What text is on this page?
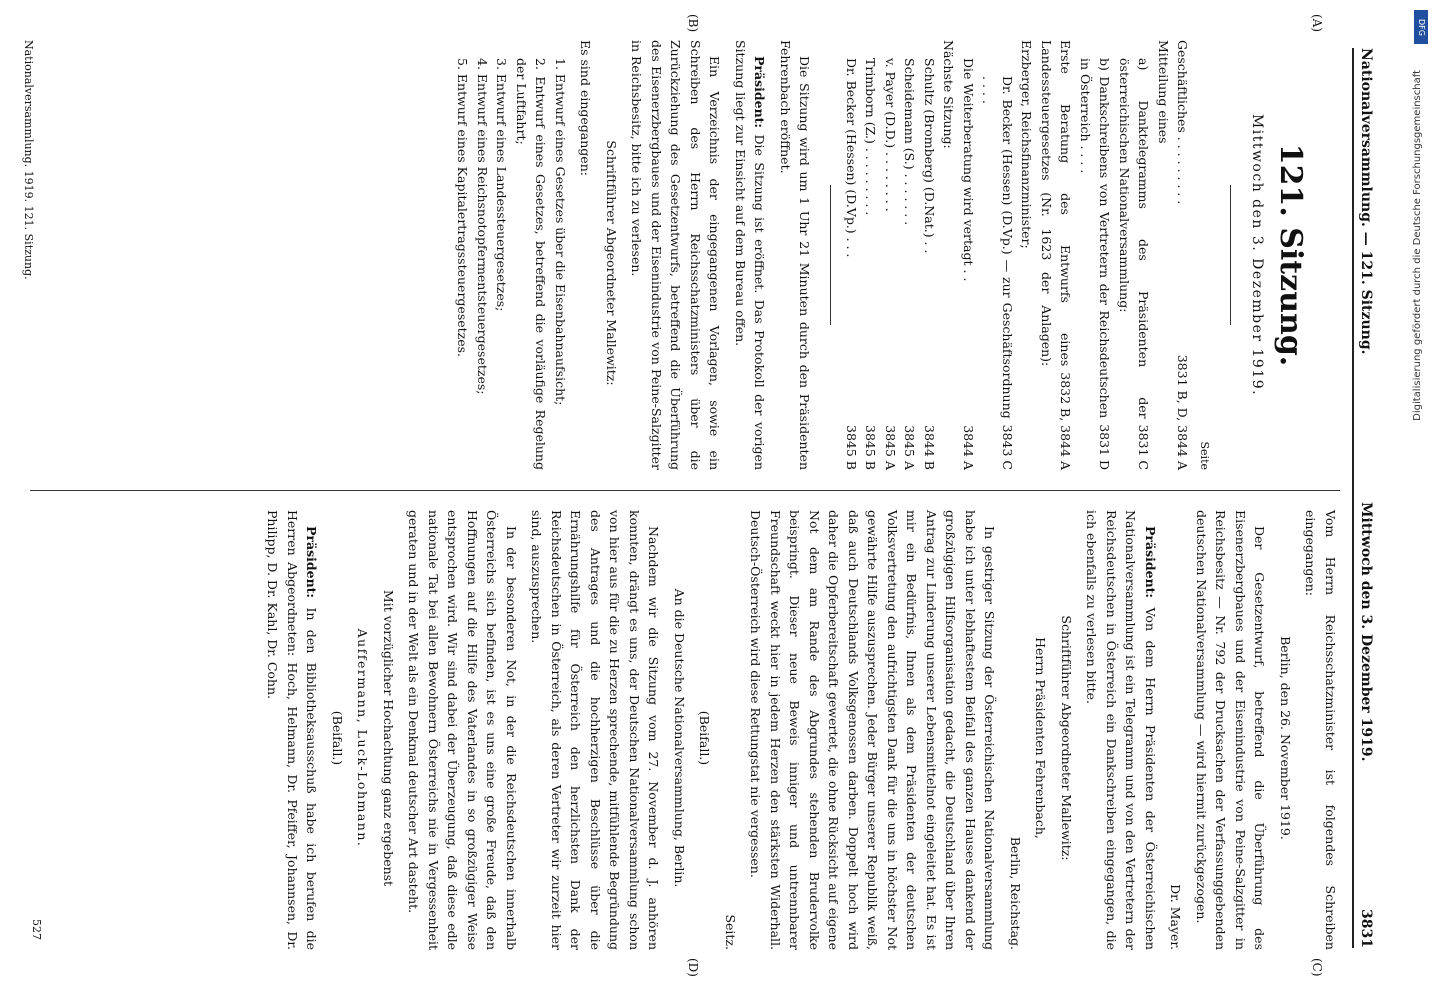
Nationalversammlung. — 121. Sitzung.
Mittwoch den 3. Dezember 1919.
3831
(A)
(B)
(C)
(D)
121. Sitzung.
Mittwoch den 3. Dezember 1919.
Seite
Geschäftliches . . . . . . . . .
3831 B, D, 3844 A
Mitteilung eines
a) Danktelegramms des Präsidenten der österreichischen Nationalversammlung:
3831 C
b) Dankschreibens von Vertretern der Reichsdeutschen in Österreich . . . .
3831 D
Erste Beratung des Entwurfs eines Landessteuergesetzes (Nr. 1623 der Anlagen): Erzberger, Reichsfinanzminister;
3832 B, 3844 A
Dr. Becker (Hessen) (D.Vp.) — zur Geschäftsordnung . . . .
3843 C
Die Weiterberatung wird vertagt . .
3844 A
Nächste Sitzung:
Schultz (Bromberg) (D.Nat.) . .
3844 B
Scheidemann (S.) . . . . . . .
3845 A
v. Payer (D.D.) . . . . . . . .
3845 A
Trimborn (Z.) . . . . . . . . .
3845 B
Dr. Becker (Hessen) (D.Vp.) . . .
3845 B

Die Sitzung wird um 1 Uhr 21 Minuten durch den Präsidenten Fehrenbach eröffnet.

Präsident: Die Sitzung ist eröffnet. Das Protokoll der vorigen Sitzung liegt zur Einsicht auf dem Bureau offen.

Ein Verzeichnis der eingegangenen Vorlagen, sowie ein Schreiben des Herrn Reichsschatzministers über die Zurückziehung des Gesetzentwurfs, betreffend die Überführung des Eisenerzbergbaues und der Eisenindustrie von Peine-Salzgitter in Reichsbesitz, bitte ich zu verlesen.

Schriftführer Abgeordneter Mallewitz:

Es sind eingegangen:

1. Entwurf eines Gesetzes über die Eisenbahnaufsicht;
2. Entwurf eines Gesetzes, betreffend die vorläufige Regelung der Luftfahrt;
3. Entwurf eines Landessteuergesetzes;
4. Entwurf eines Reichsnotopfermentsteuergesetzes;
5. Entwurf eines Kapitalertragssteuergesetzes.

Vom Herrn Reichsschatzminister ist folgendes Schreiben eingegangen:

Berlin, den 26. November 1919.

Der Gesetzentwurf, betreffend die Überführung des Eisenerzbergbaues und der Eisenindustrie von Peine-Salzgitter in Reichsbesitz — Nr. 792 der Drucksachen der Verfassunggebenden deutschen Nationalversammlung — wird hiermit zurückgezogen.

Dr. Mayer.

Präsident: Von dem Herrn Präsidenten der Österreichischen Nationalversammlung ist ein Telegramm und von den Vertretern der Reichsdeutschen in Österreich ein Dankschreiben eingegangen, die ich ebenfalls zu verlesen bitte.

Schriftführer Abgeordneter Mallewitz:

Herrn Präsidenten Fehrenbach,

Berlin, Reichstag.

In gestriger Sitzung der Österreichischen Nationalversammlung habe ich unter lebhaftestem Beifall des ganzen Hauses dankend der großzügigen Hilfsorganisation gedacht, die Deutschland über Ihren Antrag zur Linderung unserer Lebensmittelnot eingeleitet hat. Es ist mir ein Bedürfnis, Ihnen als dem Präsidenten der deutschen Volksvertretung den aufrichtigsten Dank für die uns in höchster Not gewährte Hilfe auszusprechen. Jeder Bürger unserer Republik weiß, daß auch Deutschlands Volksgenossen darben. Doppelt hoch wird daher die Opferbereitschaft gewertet, die ohne Rücksicht auf eigene Not dem am Rande des Abgrundes stehenden Brudervolke beispringt. Dieser neue Beweis inniger und untrennbarer Freundschaft weckt hier in jedem Herzen den stärksten Widerhall. Deutsch-Österreich wird diese Rettungstat nie vergessen.

Seitz.

(Beifall.)

An die Deutsche Nationalversammlung, Berlin.

Nachdem wir die Sitzung vom 27. November d. J. anhören konnten, drängt es uns, der Deutschen Nationalversammlung schon von hier aus für die zu Herzen sprechende, mitfühlende Begründung des Antrages und die hochherzigen Beschlüsse über die Ernährungshilfe für Österreich den herzlichsten Dank der Reichsdeutschen in Österreich, als deren Vertreter wir zurzeit hier sind, auszusprechen.

In der besonderen Not, in der die Reichsdeutschen innerhalb Österreichs sich befinden, ist es uns eine große Freude, daß den Hoffnungen auf die Hilfe des Vaterlandes in so großzügiger Weise entsprochen wird. Wir sind dabei der Überzeugung, daß diese edle nationale Tat bei allen Bewohnern Österreichs nie in Vergessenheit geraten und in der Welt als ein Denkmal deutscher Art dasteht.

Mit vorzüglicher Hochachtung ganz ergebenst

Auffermann, Luck-Lohmann.

(Beifall.)

Präsident: In den Bibliotheksausschuß habe ich berufen die Herren Abgeordneten: Hoch, Helmann, Dr. Pfeiffer, Johannsen, Dr. Philipp, D. Dr. Kahl, Dr. Cohn.

Nationalversammlung. 1919. 121. Sitzung.
527
DFG
Digitalisierung gefördert durch die Deutsche Forschungsgemeinschaft
